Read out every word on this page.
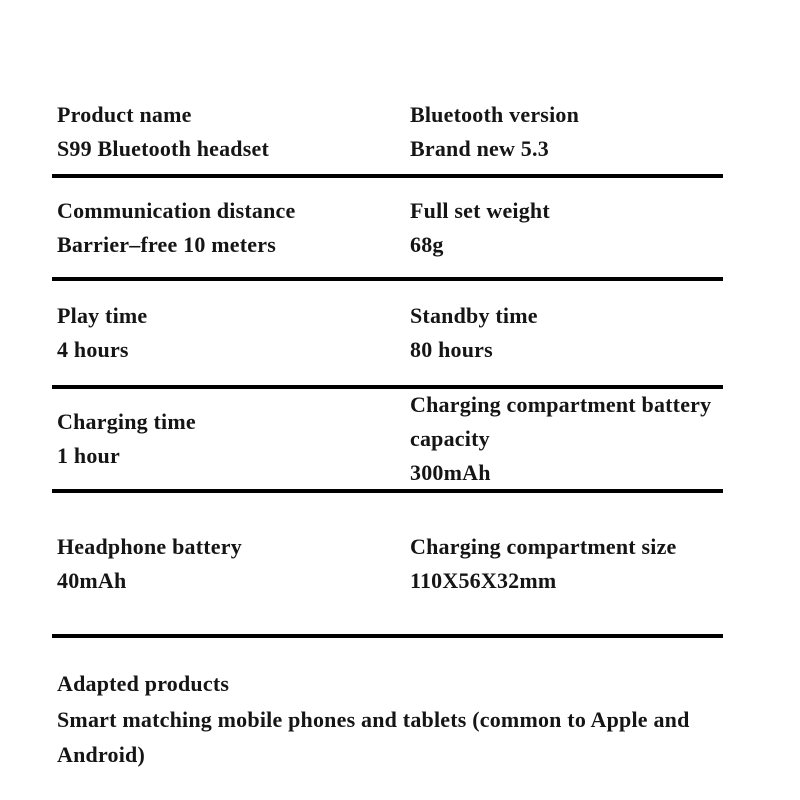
Product name
S99 Bluetooth headset
Bluetooth version
Brand new 5.3
Communication distance
Barrier–free 10 meters
Full set weight
68g
Play time
4 hours
Standby time
80 hours
Charging time
1 hour
Charging compartment battery capacity
300mAh
Headphone battery
40mAh
Charging compartment size
110X56X32mm
Adapted products
Smart matching mobile phones and tablets (common to Apple and Android)
